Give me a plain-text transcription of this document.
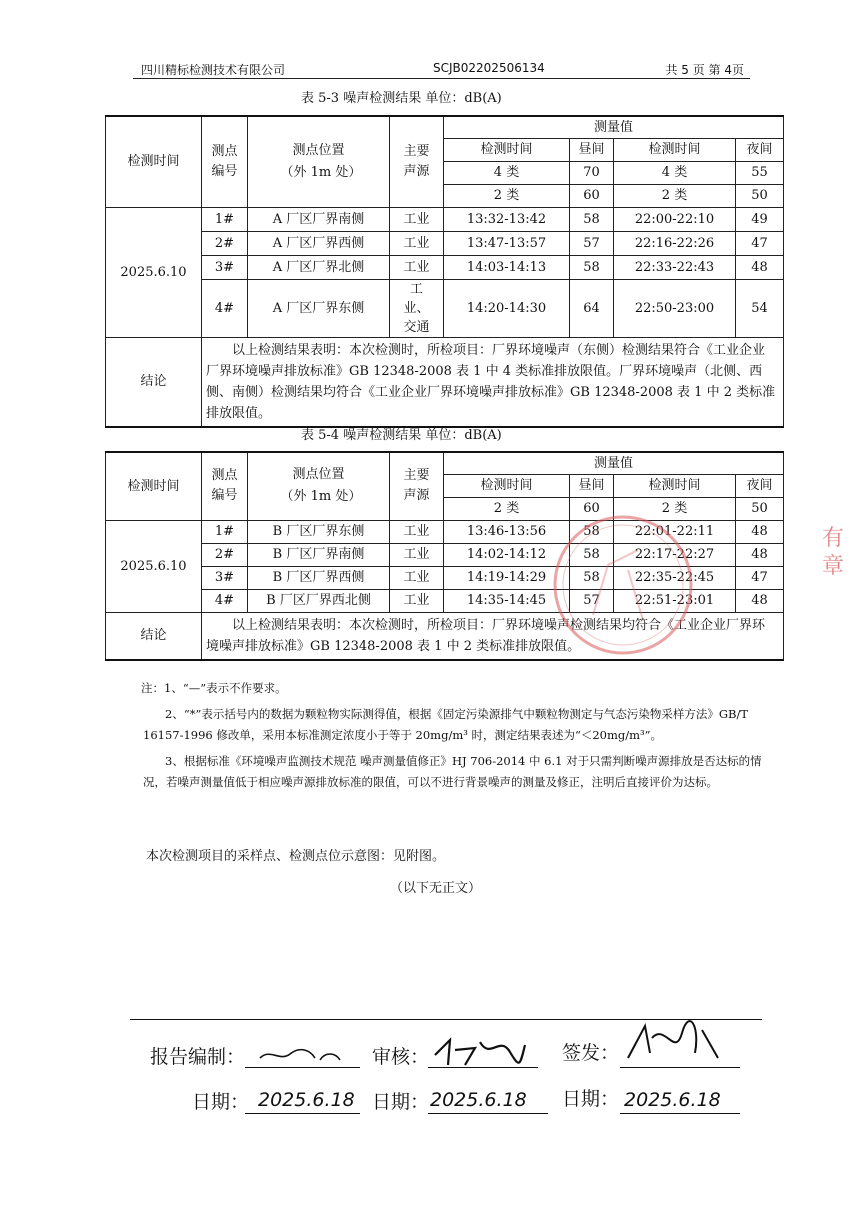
四川精标检测技术有限公司	SCJB02202506134	共 5 页 第 4页
表 5-3 噪声检测结果 单位：dB(A)
检测时间	测点编号	测点位置（外 1m 处）	主要声源	测量值			
				检测时间	昼间	检测时间	夜间
				4 类	70	4 类	55
				2 类	60	2 类	50
2025.6.10	1#	A 厂区厂界南侧	工业	13:32-13:42	58	22:00-22:10	49
	2#	A 厂区厂界西侧	工业	13:47-13:57	57	22:16-22:26	47
	3#	A 厂区厂界北侧	工业	14:03-14:13	58	22:33-22:43	48
	4#	A 厂区厂界东侧	工业、交通	14:20-14:30	64	22:50-23:00	54
结论	以上检测结果表明：本次检测时，所检项目：厂界环境噪声（东侧）检测结果符合《工业企业厂界环境噪声排放标准》GB 12348-2008 表 1 中 4 类标准排放限值。厂界环境噪声（北侧、西侧、南侧）检测结果均符合《工业企业厂界环境噪声排放标准》GB 12348-2008 表 1 中 2 类标准排放限值。						
表 5-4 噪声检测结果 单位：dB(A)
检测时间	测点编号	测点位置（外 1m 处）	主要声源	测量值			
				检测时间	昼间	检测时间	夜间
				2 类	60	2 类	50
2025.6.10	1#	B 厂区厂界东侧	工业	13:46-13:56	58	22:01-22:11	48
	2#	B 厂区厂界南侧	工业	14:02-14:12	58	22:17-22:27	48
	3#	B 厂区厂界西侧	工业	14:19-14:29	58	22:35-22:45	47
	4#	B 厂区厂界西北侧	工业	14:35-14:45	57	22:51-23:01	48
结论	以上检测结果表明：本次检测时，所检项目：厂界环境噪声检测结果均符合《工业企业厂界环境噪声排放标准》GB 12348-2008 表 1 中 2 类标准排放限值。						
有 章

注：1、“—”表示不作要求。

2、“*”表示括号内的数据为颗粒物实际测得值，根据《固定污染源排气中颗粒物测定与气态污染物采样方法》GB/T 16157-1996 修改单，采用本标准测定浓度小于等于 20mg/m³ 时，测定结果表述为“＜20mg/m³”。

3、根据标准《环境噪声监测技术规范 噪声测量值修正》HJ 706-2014 中 6.1 对于只需判断噪声源排放是否达标的情况，若噪声测量值低于相应噪声源排放标准的限值，可以不进行背景噪声的测量及修正，注明后直接评价为达标。

本次检测项目的采样点、检测点位示意图：见附图。
（以下无正文）
报告编制：	审核：	签发：
日期： 2025.6.18 日期： 2025.6.18 日期： 2025.6.18
